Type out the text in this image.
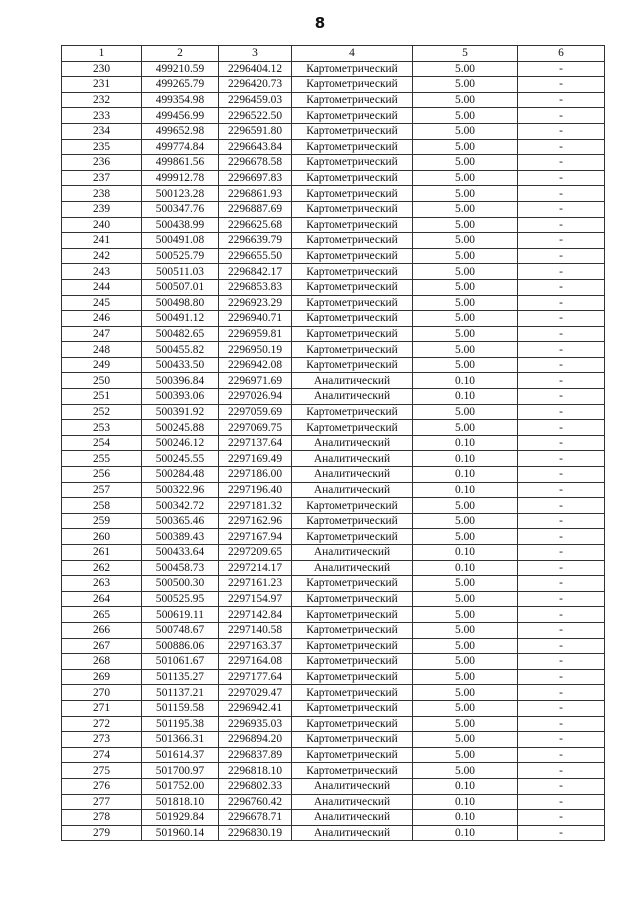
8
1	2	3	4	5	6
230	499210.59	2296404.12	Картометрический	5.00	-
231	499265.79	2296420.73	Картометрический	5.00	-
232	499354.98	2296459.03	Картометрический	5.00	-
233	499456.99	2296522.50	Картометрический	5.00	-
234	499652.98	2296591.80	Картометрический	5.00	-
235	499774.84	2296643.84	Картометрический	5.00	-
236	499861.56	2296678.58	Картометрический	5.00	-
237	499912.78	2296697.83	Картометрический	5.00	-
238	500123.28	2296861.93	Картометрический	5.00	-
239	500347.76	2296887.69	Картометрический	5.00	-
240	500438.99	2296625.68	Картометрический	5.00	-
241	500491.08	2296639.79	Картометрический	5.00	-
242	500525.79	2296655.50	Картометрический	5.00	-
243	500511.03	2296842.17	Картометрический	5.00	-
244	500507.01	2296853.83	Картометрический	5.00	-
245	500498.80	2296923.29	Картометрический	5.00	-
246	500491.12	2296940.71	Картометрический	5.00	-
247	500482.65	2296959.81	Картометрический	5.00	-
248	500455.82	2296950.19	Картометрический	5.00	-
249	500433.50	2296942.08	Картометрический	5.00	-
250	500396.84	2296971.69	Аналитический	0.10	-
251	500393.06	2297026.94	Аналитический	0.10	-
252	500391.92	2297059.69	Картометрический	5.00	-
253	500245.88	2297069.75	Картометрический	5.00	-
254	500246.12	2297137.64	Аналитический	0.10	-
255	500245.55	2297169.49	Аналитический	0.10	-
256	500284.48	2297186.00	Аналитический	0.10	-
257	500322.96	2297196.40	Аналитический	0.10	-
258	500342.72	2297181.32	Картометрический	5.00	-
259	500365.46	2297162.96	Картометрический	5.00	-
260	500389.43	2297167.94	Картометрический	5.00	-
261	500433.64	2297209.65	Аналитический	0.10	-
262	500458.73	2297214.17	Аналитический	0.10	-
263	500500.30	2297161.23	Картометрический	5.00	-
264	500525.95	2297154.97	Картометрический	5.00	-
265	500619.11	2297142.84	Картометрический	5.00	-
266	500748.67	2297140.58	Картометрический	5.00	-
267	500886.06	2297163.37	Картометрический	5.00	-
268	501061.67	2297164.08	Картометрический	5.00	-
269	501135.27	2297177.64	Картометрический	5.00	-
270	501137.21	2297029.47	Картометрический	5.00	-
271	501159.58	2296942.41	Картометрический	5.00	-
272	501195.38	2296935.03	Картометрический	5.00	-
273	501366.31	2296894.20	Картометрический	5.00	-
274	501614.37	2296837.89	Картометрический	5.00	-
275	501700.97	2296818.10	Картометрический	5.00	-
276	501752.00	2296802.33	Аналитический	0.10	-
277	501818.10	2296760.42	Аналитический	0.10	-
278	501929.84	2296678.71	Аналитический	0.10	-
279	501960.14	2296830.19	Аналитический	0.10	-
